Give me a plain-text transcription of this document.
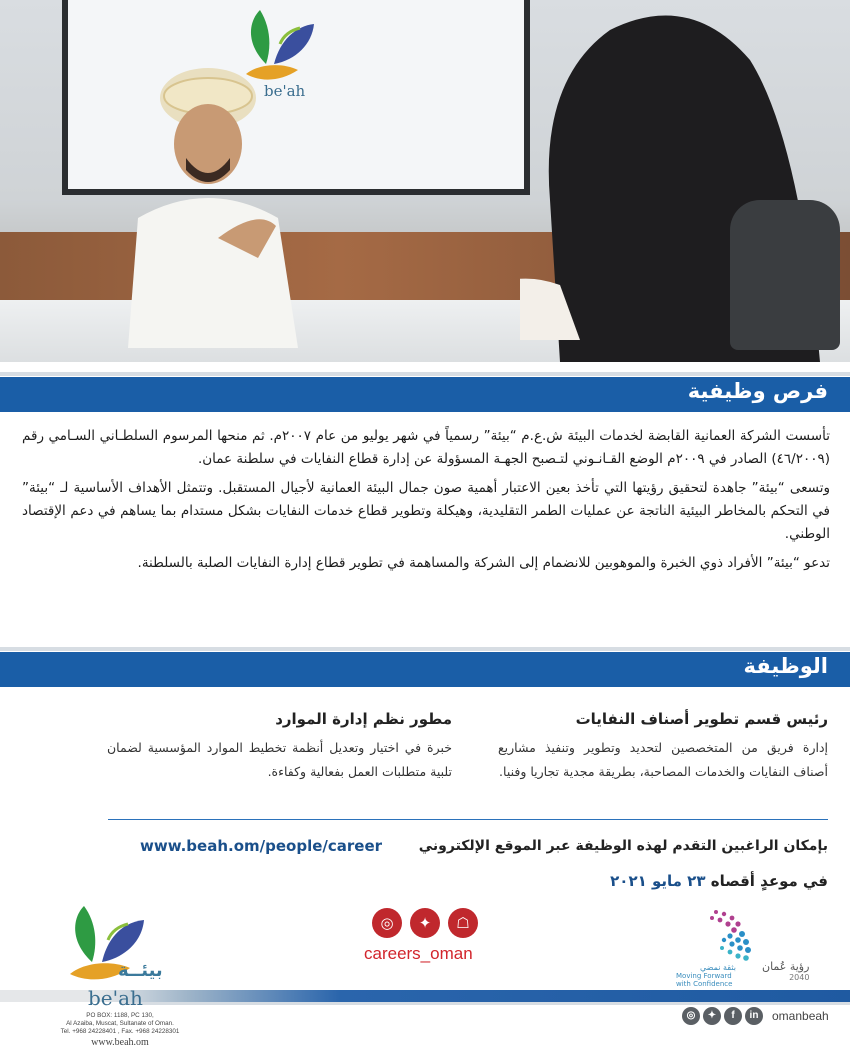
be'ah
فرص وظيفية

تأسست الشركة العمانية القابضة لخدمات البيئة ش.ع.م “بيئة” رسمياً في شهر يوليو من عام ٢٠٠٧م. ثم منحها المرسوم السلطـاني السـامي رقم (٤٦/٢٠٠٩) الصادر في ٢٠٠٩م الوضع القـانـوني لتـصبح الجهـة المسؤولة عن إدارة قطاع النفايات في سلطنة عمان.

وتسعى “بيئة” جاهدة لتحقيق رؤيتها التي تأخذ بعين الاعتبار أهمية صون جمال البيئة العمانية لأجيال المستقبل. وتتمثل الأهداف الأساسية لـ “بيئة” في التحكم بالمخاطر البيئية الناتجة عن عمليات الطمر التقليدية، وهيكلة وتطوير قطاع خدمات النفايات بشكل مستدام بما يساهم في دعم الإقتصاد الوطني.

تدعو “بيئة” الأفراد ذوي الخبرة والموهوبين للانضمام إلى الشركة والمساهمة في تطوير قطاع إدارة النفايات الصلبة بالسلطنة.

الوظيفة
رئيس قسم تطوير أصناف النفايات
إدارة فريق من المتخصصين لتحديد وتطوير وتنفيذ مشاريع أصناف النفايات والخدمات المصاحبة، بطريقة مجدية تجاريا وفنيا.
مطور نظم إدارة الموارد
خبرة في اختيار وتعديل أنظمة تخطيط الموارد المؤسسية لضمان تلبية متطلبات العمل بفعالية وكفاءة.
بإمكان الراغبين التقدم لهذه الوظيفة عبر الموقع الإلكتروني
www.beah.om/people/career
في موعدٍ أقصاه ٢٣ مايو ٢٠٢١
◎	✦	☖
careers_oman
رؤية عُمان
2040
بثقة نمضي
Moving Forward with Confidence
بيئــة
be'ah
PO BOX: 1188, PC 130,
Al Azaiba, Muscat, Sultanate of Oman.
Tel. +968 24228401 , Fax. +968 24228301
www.beah.om
◎	✦	f	in	omanbeah
